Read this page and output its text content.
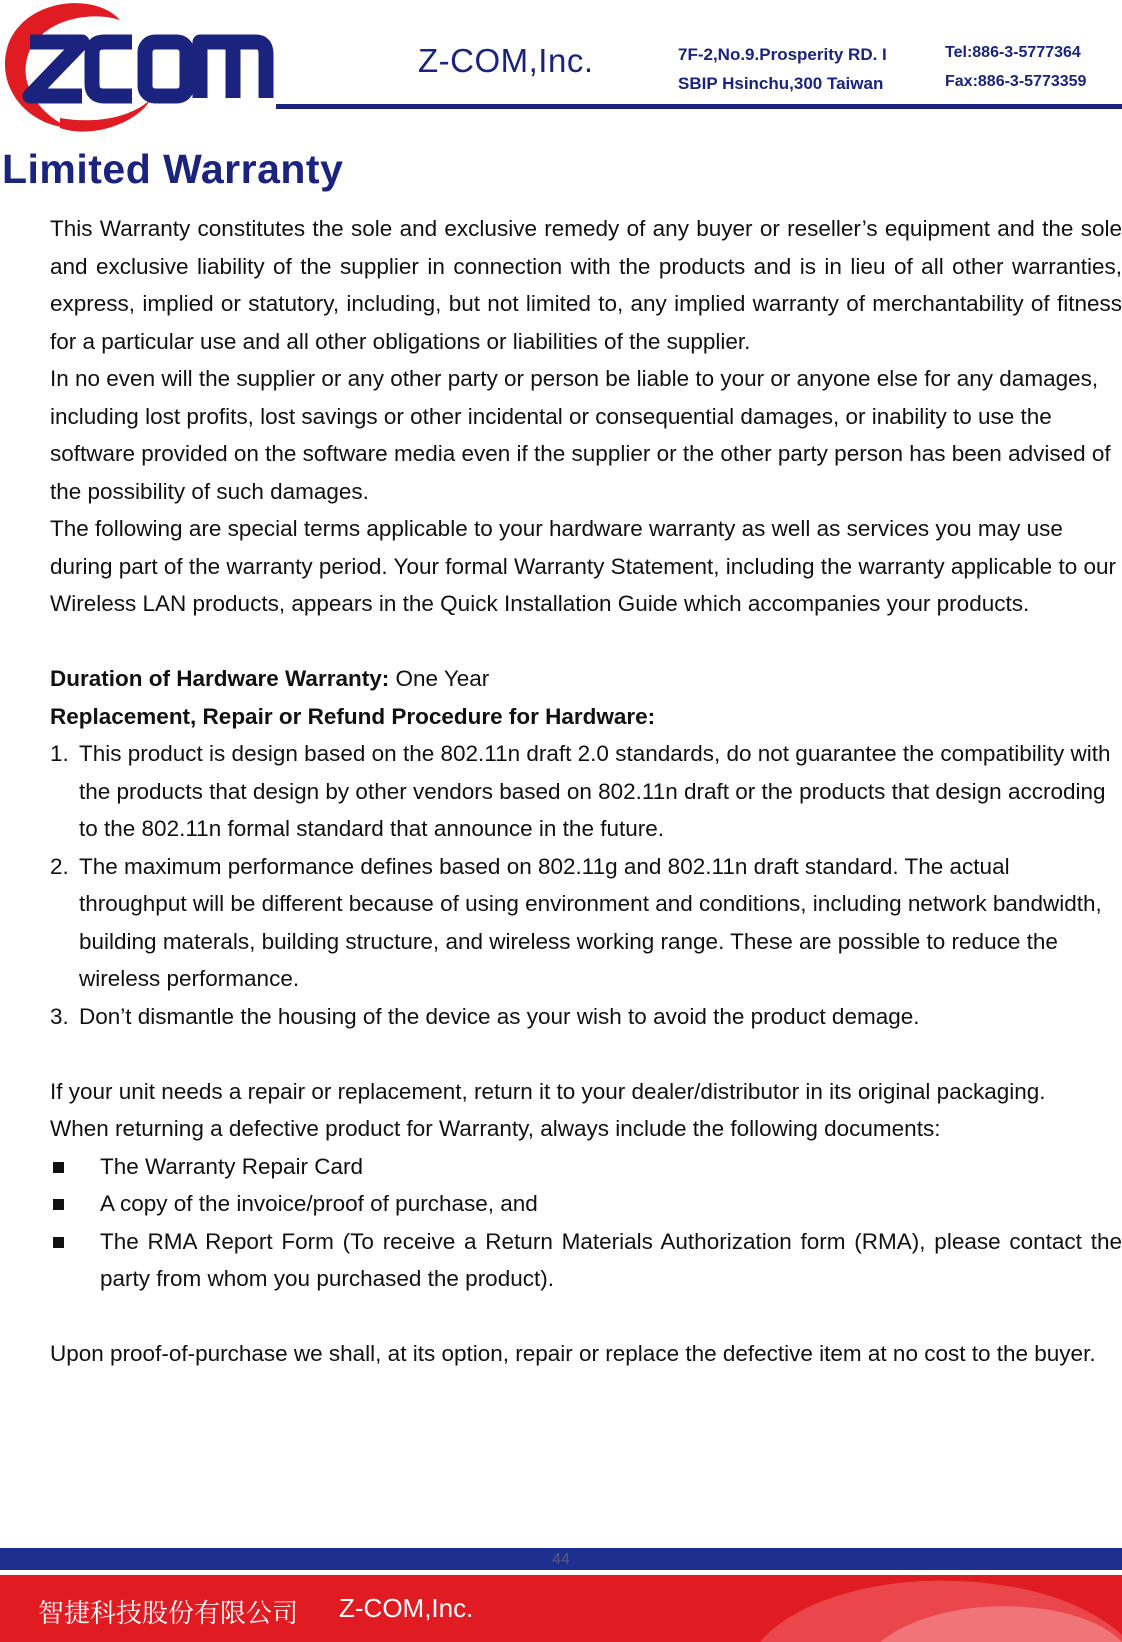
ZCOM
Z-COM,Inc.	7F-2,No.9.Prosperity RD. I
SBIP Hsinchu,300 Taiwan
Tel:886-3-5777364
Fax:886-3-5773359
Limited Warranty

This Warranty constitutes the sole and exclusive remedy of any buyer or reseller’s equipment and the sole and exclusive liability of the supplier in connection with the products and is in lieu of all other warranties, express, implied or statutory, including, but not limited to, any implied warranty of merchantability of fitness for a particular use and all other obligations or liabilities of the supplier.

In no even will the supplier or any other party or person be liable to your or anyone else for any damages, including lost profits, lost savings or other incidental or consequential damages, or inability to use the software provided on the software media even if the supplier or the other party person has been advised of the possibility of such damages.

The following are special terms applicable to your hardware warranty as well as services you may use during part of the warranty period. Your formal Warranty Statement, including the warranty applicable to our Wireless LAN products, appears in the Quick Installation Guide which accompanies your products.

Duration of Hardware Warranty: One Year

Replacement, Repair or Refund Procedure for Hardware:

1. This product is design based on the 802.11n draft 2.0 standards, do not guarantee the compatibility with the products that design by other vendors based on 802.11n draft or the products that design accroding to the 802.11n formal standard that announce in the future.
2. The maximum performance defines based on 802.11g and 802.11n draft standard. The actual throughput will be different because of using environment and conditions, including network bandwidth, building materals, building structure, and wireless working range. These are possible to reduce the wireless performance.
3. Don’t dismantle the housing of the device as your wish to avoid the product demage.

If your unit needs a repair or replacement, return it to your dealer/distributor in its original packaging.　When returning a defective product for Warranty, always include the following documents:

The Warranty Repair Card
A copy of the invoice/proof of purchase, and
The RMA Report Form (To receive a Return Materials Authorization form (RMA), please contact the party from whom you purchased the product).

Upon proof-of-purchase we shall, at its option, repair or replace the defective item at no cost to the buyer.

44
智捷科技股份有限公司 Z-COM,Inc.
